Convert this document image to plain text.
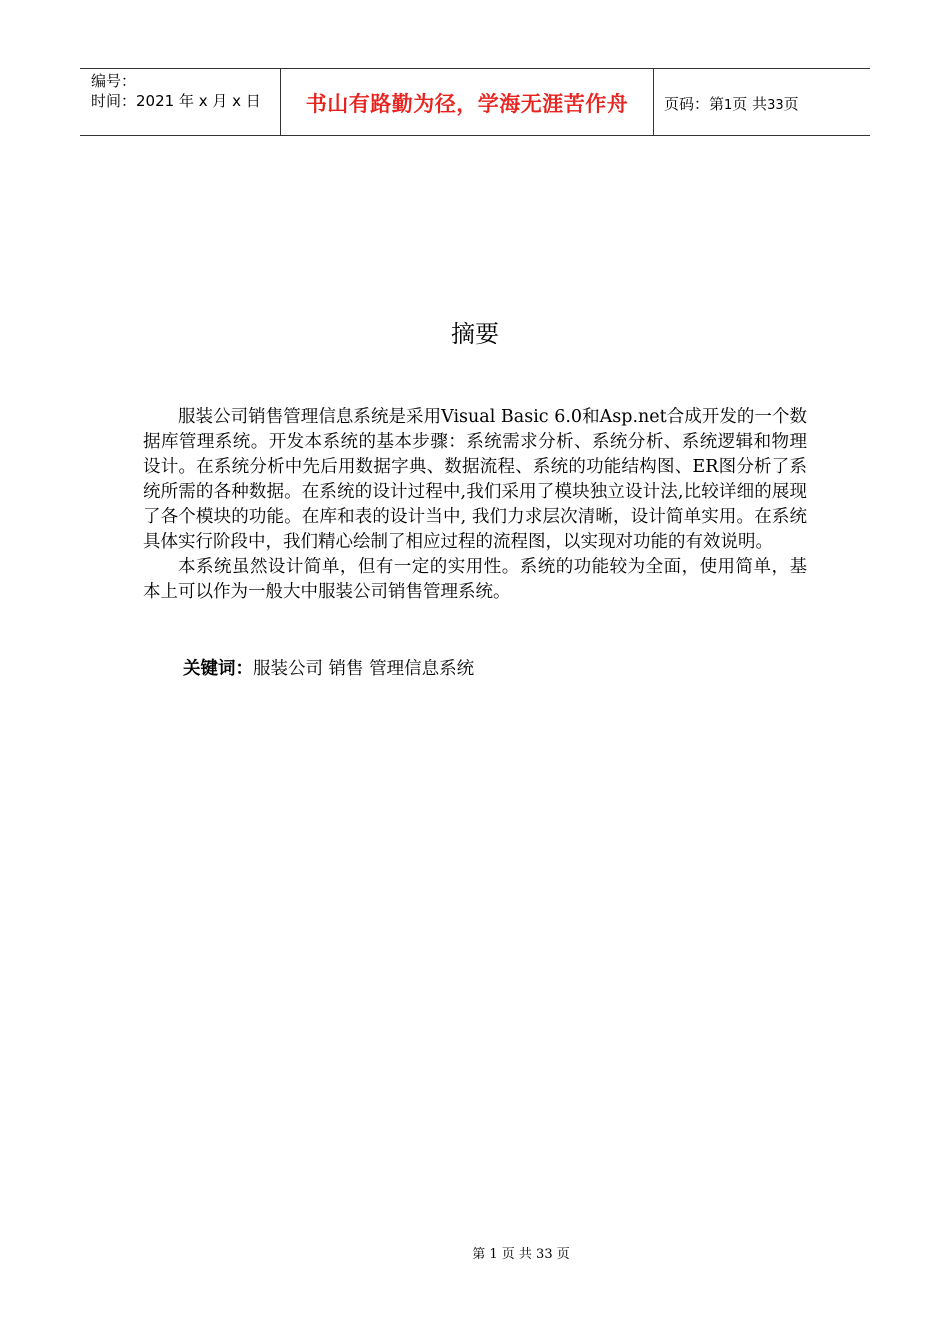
编号：
时间：2021 年 x 月 x 日	书山有路勤为径，学海无涯苦作舟	页码：第1页 共33页
摘要

服装公司销售管理信息系统是采用Visual Basic 6.0和Asp.net合成开发的一个数据库管理系统。开发本系统的基本步骤：系统需求分析、系统分析、系统逻辑和物理设计。在系统分析中先后用数据字典、数据流程、系统的功能结构图、ER图分析了系统所需的各种数据。在系统的设计过程中,我们采用了模块独立设计法,比较详细的展现了各个模块的功能。在库和表的设计当中, 我们力求层次清晰，设计简单实用。在系统具体实行阶段中，我们精心绘制了相应过程的流程图，以实现对功能的有效说明。

本系统虽然设计简单，但有一定的实用性。系统的功能较为全面，使用简单，基本上可以作为一般大中服装公司销售管理系统。

关键词：服装公司 销售 管理信息系统
第 1 页 共 33 页
